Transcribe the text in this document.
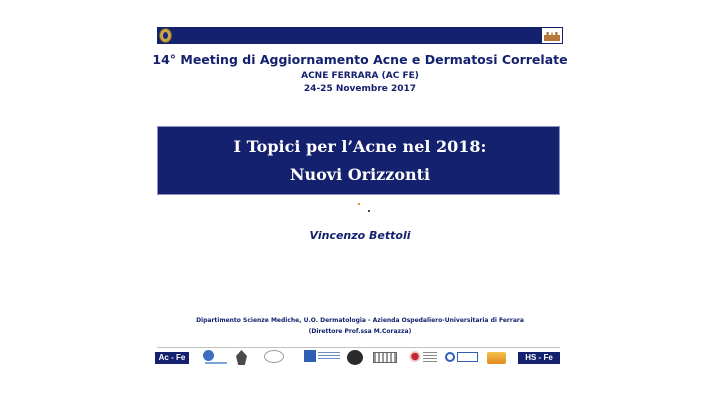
14° Meeting di Aggiornamento Acne e Dermatosi Correlate
ACNE FERRARA (AC FE)
24-25 Novembre 2017
I Topici per l’Acne nel 2018:
Nuovi Orizzonti
Vincenzo Bettoli
Dipartimento Scienze Mediche, U.O. Dermatologia - Azienda Ospedaliero-Universitaria di Ferrara
(Direttore Prof.ssa M.Corazza)
Ac - Fe	HS - Fe
